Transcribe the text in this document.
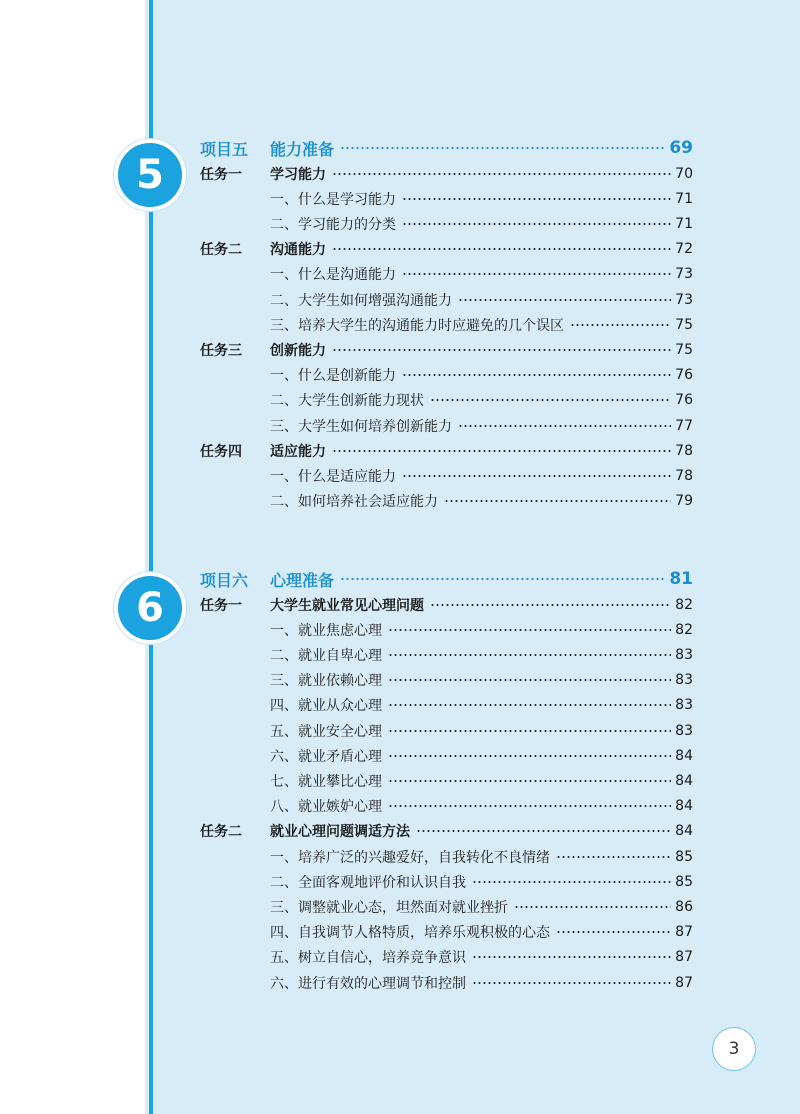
5
项目五	能力准备	69
任务一	学习能力	70
一、什么是学习能力	71
二、学习能力的分类	71
任务二	沟通能力	72
一、什么是沟通能力	73
二、大学生如何增强沟通能力	73
三、培养大学生的沟通能力时应避免的几个误区	75
任务三	创新能力	75
一、什么是创新能力	76
二、大学生创新能力现状	76
三、大学生如何培养创新能力	77
任务四	适应能力	78
一、什么是适应能力	78
二、如何培养社会适应能力	79
6
项目六	心理准备	81
任务一	大学生就业常见心理问题	82
一、就业焦虑心理	82
二、就业自卑心理	83
三、就业依赖心理	83
四、就业从众心理	83
五、就业安全心理	83
六、就业矛盾心理	84
七、就业攀比心理	84
八、就业嫉妒心理	84
任务二	就业心理问题调适方法	84
一、培养广泛的兴趣爱好，自我转化不良情绪	85
二、全面客观地评价和认识自我	85
三、调整就业心态，坦然面对就业挫折	86
四、自我调节人格特质，培养乐观积极的心态	87
五、树立自信心，培养竞争意识	87
六、进行有效的心理调节和控制	87
3
